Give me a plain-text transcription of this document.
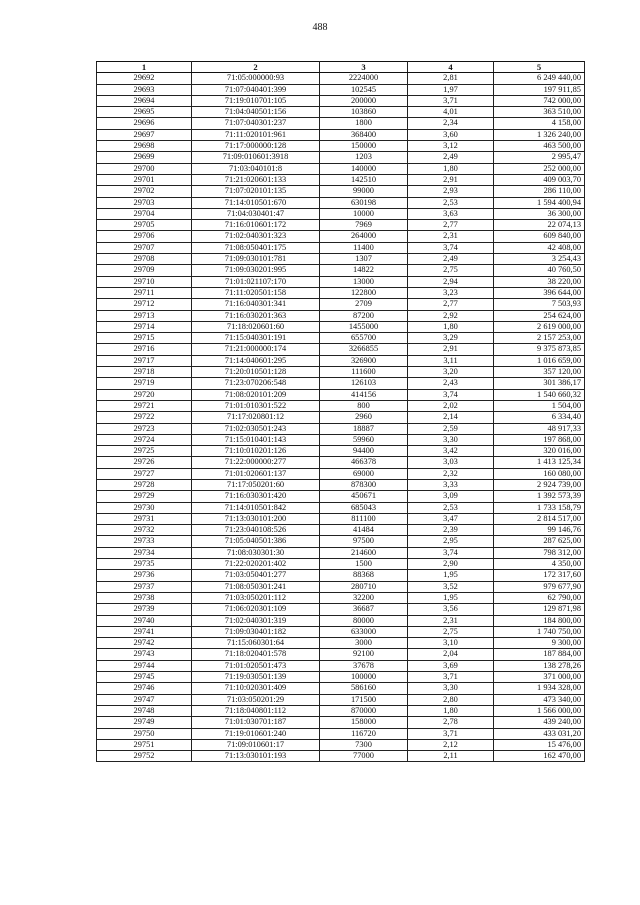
488
1	2	3	4	5
29692	71:05:000000:93	2224000	2,81	6 249 440,00
29693	71:07:040401:399	102545	1,97	197 911,85
29694	71:19:010701:105	200000	3,71	742 000,00
29695	71:04:040501:156	103860	4,01	363 510,00
29696	71:07:040301:237	1800	2,34	4 158,00
29697	71:11:020101:961	368400	3,60	1 326 240,00
29698	71:17:000000:128	150000	3,12	463 500,00
29699	71:09:010601:3918	1203	2,49	2 995,47
29700	71:03:040101:8	140000	1,80	252 000,00
29701	71:21:020601:133	142510	2,91	409 003,70
29702	71:07:020101:135	99000	2,93	286 110,00
29703	71:14:010501:670	630198	2,53	1 594 400,94
29704	71:04:030401:47	10000	3,63	36 300,00
29705	71:16:010601:172	7969	2,77	22 074,13
29706	71:02:040301:323	264000	2,31	609 840,00
29707	71:08:050401:175	11400	3,74	42 408,00
29708	71:09:030101:781	1307	2,49	3 254,43
29709	71:09:030201:995	14822	2,75	40 760,50
29710	71:01:021107:170	13000	2,94	38 220,00
29711	71:11:020501:158	122800	3,23	396 644,00
29712	71:16:040301:341	2709	2,77	7 503,93
29713	71:16:030201:363	87200	2,92	254 624,00
29714	71:18:020601:60	1455000	1,80	2 619 000,00
29715	71:15:040301:191	655700	3,29	2 157 253,00
29716	71:21:000000:174	3266855	2,91	9 375 873,85
29717	71:14:040601:295	326900	3,11	1 016 659,00
29718	71:20:010501:128	111600	3,20	357 120,00
29719	71:23:070206:548	126103	2,43	301 386,17
29720	71:08:020101:209	414156	3,74	1 540 660,32
29721	71:01:010301:522	800	2,02	1 504,00
29722	71:17:020801:12	2960	2,14	6 334,40
29723	71:02:030501:243	18887	2,59	48 917,33
29724	71:15:010401:143	59960	3,30	197 868,00
29725	71:10:010201:126	94400	3,42	320 016,00
29726	71:22:000000:277	466378	3,03	1 413 125,34
29727	71:01:020601:137	69000	2,32	160 080,00
29728	71:17:050201:60	878300	3,33	2 924 739,00
29729	71:16:030301:420	450671	3,09	1 392 573,39
29730	71:14:010501:842	685043	2,53	1 733 158,79
29731	71:13:030101:200	811100	3,47	2 814 517,00
29732	71:23:040108:526	41484	2,39	99 146,76
29733	71:05:040501:386	97500	2,95	287 625,00
29734	71:08:030301:30	214600	3,74	798 312,00
29735	71:22:020201:402	1500	2,90	4 350,00
29736	71:03:050401:277	88368	1,95	172 317,60
29737	71:08:050301:241	280710	3,52	979 677,90
29738	71:03:050201:112	32200	1,95	62 790,00
29739	71:06:020301:109	36687	3,56	129 871,98
29740	71:02:040301:319	80000	2,31	184 800,00
29741	71:09:030401:182	633000	2,75	1 740 750,00
29742	71:15:060301:64	3000	3,10	9 300,00
29743	71:18:020401:578	92100	2,04	187 884,00
29744	71:01:020501:473	37678	3,69	138 278,26
29745	71:19:030501:139	100000	3,71	371 000,00
29746	71:10:020301:409	586160	3,30	1 934 328,00
29747	71:03:050201:29	171500	2,80	473 340,00
29748	71:18:040801:112	870000	1,80	1 566 000,00
29749	71:01:030701:187	158000	2,78	439 240,00
29750	71:19:010601:240	116720	3,71	433 031,20
29751	71:09:010601:17	7300	2,12	15 476,00
29752	71:13:030101:193	77000	2,11	162 470,00
